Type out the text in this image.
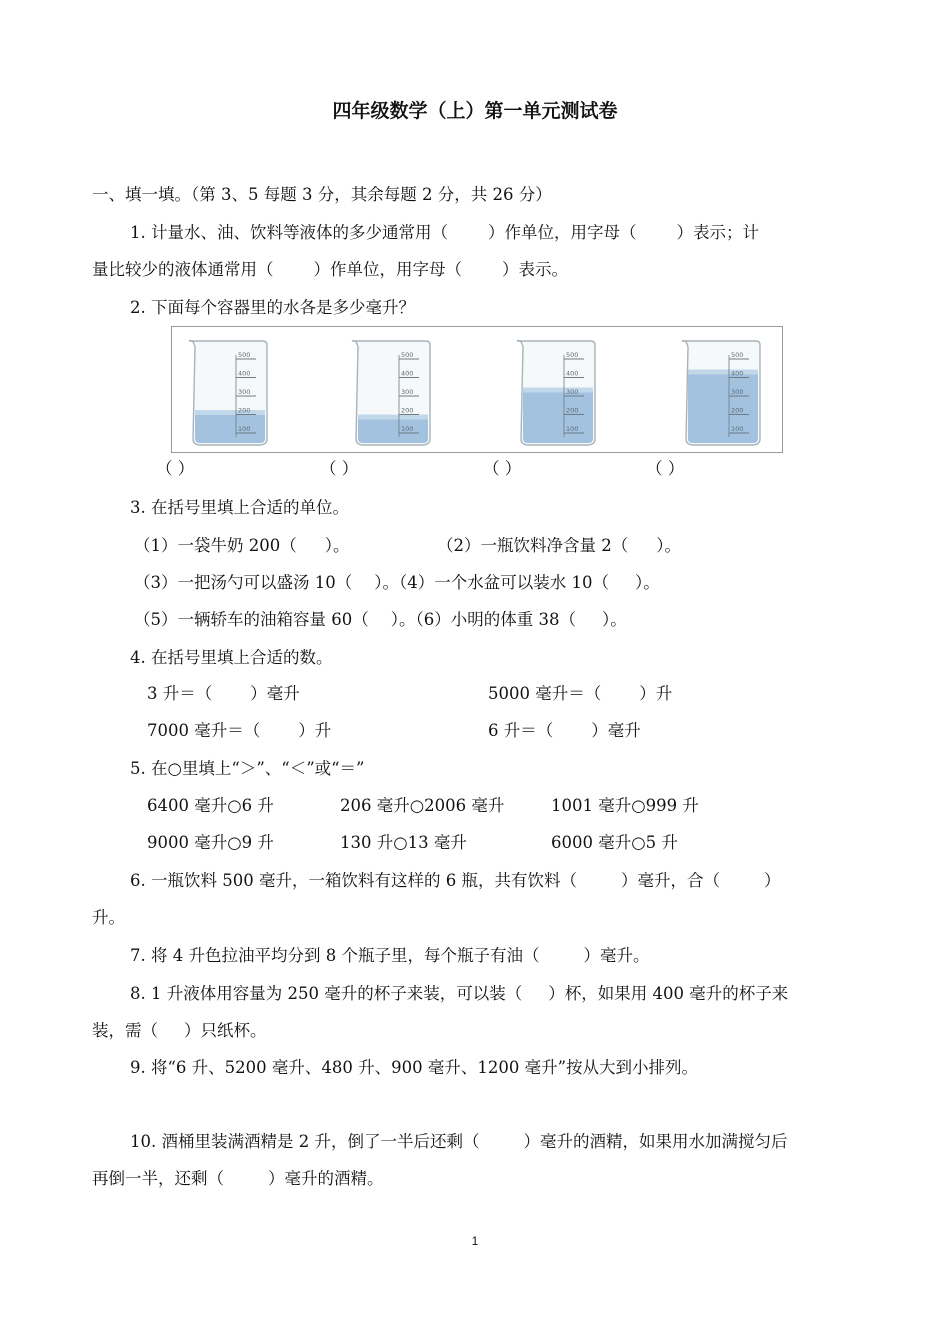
四年级数学（上）第一单元测试卷
一、填一填。（第 3、5 每题 3 分，其余每题 2 分，共 26 分）
1. 计量水、油、饮料等液体的多少通常用（ ）作单位，用字母（ ）表示；计
量比较少的液体通常用（ ）作单位，用字母（ ）表示。
2. 下面每个容器里的水各是多少毫升？
500
400
300
200
100
500
400
300
200
100
500
400
300
200
100
500
400
300
200
100
（ ）	（ ）	（ ）	（ ）
3. 在括号里填上合适的单位。
（1）一袋牛奶 200（ ）。	（2）一瓶饮料净含量 2（ ）。
（3）一把汤勺可以盛汤 10（ ）。（4）一个水盆可以装水 10（ ）。
（5）一辆轿车的油箱容量 60（ ）。（6）小明的体重 38（ ）。
4. 在括号里填上合适的数。
3 升＝（ ）毫升	5000 毫升＝（ ）升
7000 毫升＝（ ）升	6 升＝（ ）毫升
5. 在○里填上“＞”、“＜”或“＝”
6400 毫升○6 升	206 毫升○2006 毫升	1001 毫升○999 升
9000 毫升○9 升	130 升○13 毫升	6000 毫升○5 升
6. 一瓶饮料 500 毫升，一箱饮料有这样的 6 瓶，共有饮料（	）毫升，合（	）
升。
7. 将 4 升色拉油平均分到 8 个瓶子里，每个瓶子有油（	）毫升。
8. 1 升液体用容量为 250 毫升的杯子来装，可以装（ ）杯，如果用 400 毫升的杯子来
装，需（ ）只纸杯。
9. 将“6 升、5200 毫升、480 升、900 毫升、1200 毫升”按从大到小排列。
10. 酒桶里装满酒精是 2 升，倒了一半后还剩（	）毫升的酒精，如果用水加满搅匀后
再倒一半，还剩（	）毫升的酒精。
1
